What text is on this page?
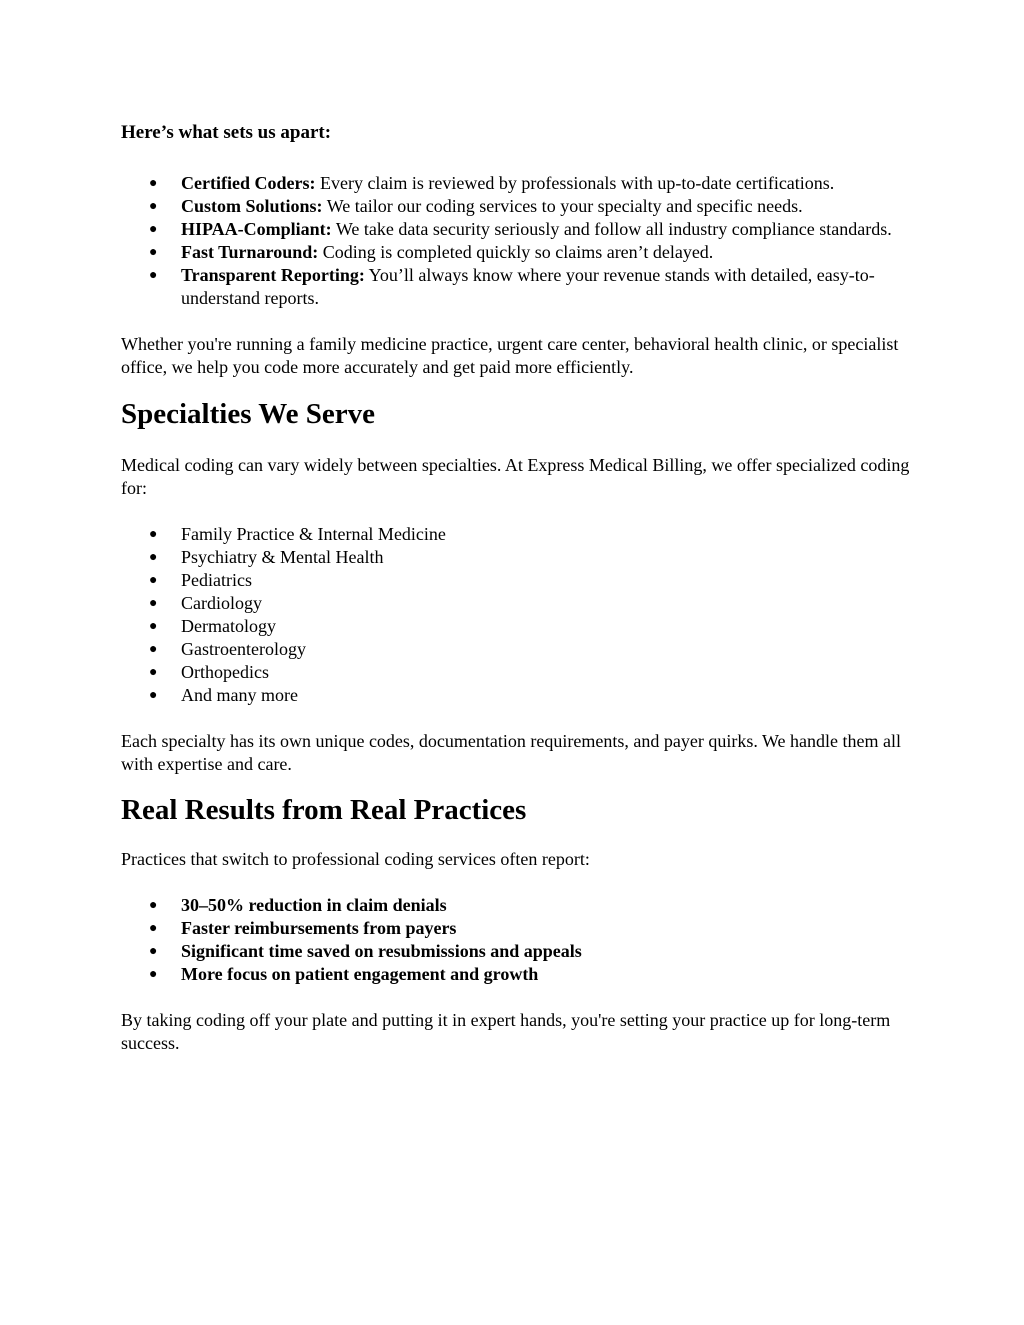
Here’s what sets us apart:
● Certified Coders: Every claim is reviewed by professionals with up-to-date certifications.
● Custom Solutions: We tailor our coding services to your specialty and specific needs.
● HIPAA-Compliant: We take data security seriously and follow all industry compliance standards.
● Fast Turnaround: Coding is completed quickly so claims aren’t delayed.
● Transparent Reporting: You’ll always know where your revenue stands with detailed, easy-to-understand reports.

Whether you're running a family medicine practice, urgent care center, behavioral health clinic, or specialist office, we help you code more accurately and get paid more efficiently.

Specialties We Serve

Medical coding can vary widely between specialties. At Express Medical Billing, we offer specialized coding for:

● Family Practice & Internal Medicine
● Psychiatry & Mental Health
● Pediatrics
● Cardiology
● Dermatology
● Gastroenterology
● Orthopedics
● And many more

Each specialty has its own unique codes, documentation requirements, and payer quirks. We handle them all with expertise and care.

Real Results from Real Practices

Practices that switch to professional coding services often report:

● 30–50% reduction in claim denials
● Faster reimbursements from payers
● Significant time saved on resubmissions and appeals
● More focus on patient engagement and growth

By taking coding off your plate and putting it in expert hands, you're setting your practice up for long-term success.
